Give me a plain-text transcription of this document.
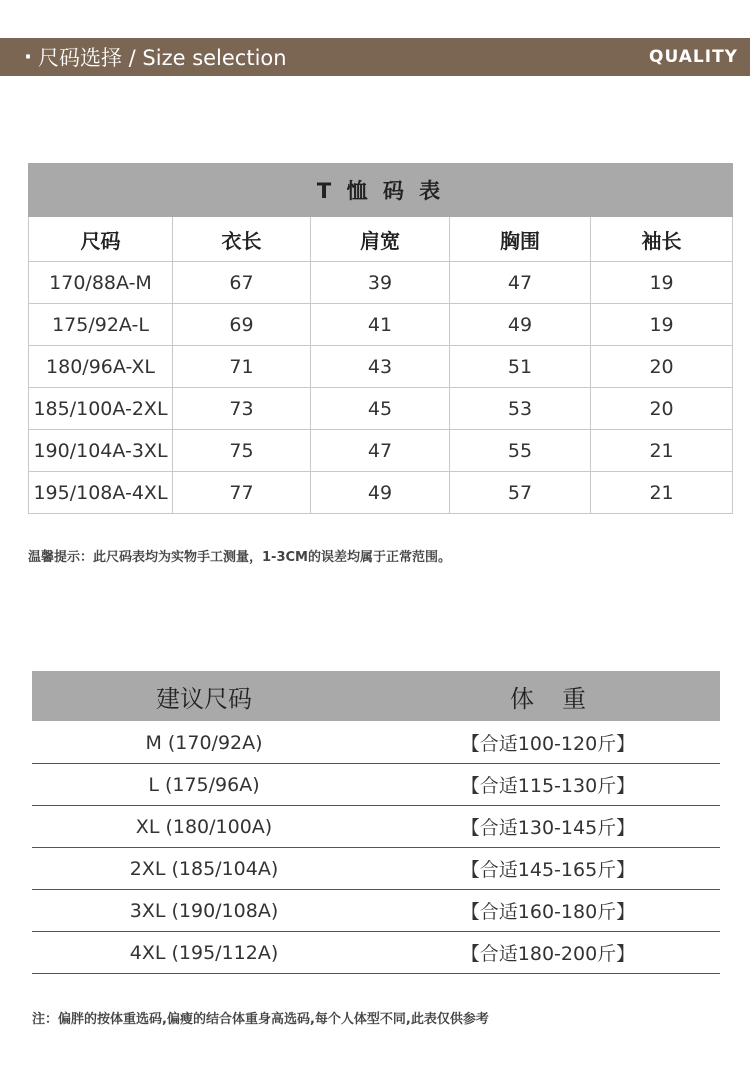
· 尺码选择 / Size selection	QUALITY
T 恤 码 表				
尺码	衣长	肩宽	胸围	袖长
170/88A-M	67	39	47	19
175/92A-L	69	41	49	19
180/96A-XL	71	43	51	20
185/100A-2XL	73	45	53	20
190/104A-3XL	75	47	55	21
195/108A-4XL	77	49	57	21
温馨提示：此尺码表均为实物手工测量，1-3CM的误差均属于正常范围。
建议尺码	体重
M (170/92A)	【合适100-120斤】
L (175/96A)	【合适115-130斤】
XL (180/100A)	【合适130-145斤】
2XL (185/104A)	【合适145-165斤】
3XL (190/108A)	【合适160-180斤】
4XL (195/112A)	【合适180-200斤】
注：偏胖的按体重选码,偏瘦的结合体重身高选码,每个人体型不同,此表仅供参考
